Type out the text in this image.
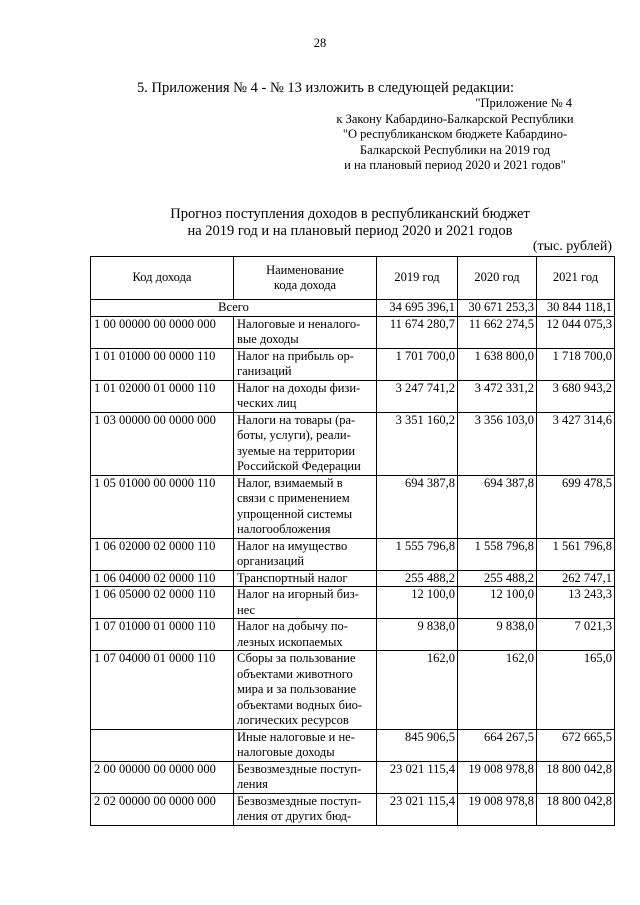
28
5. Приложения № 4 - № 13 изложить в следующей редакции:
"Приложение № 4
к Закону Кабардино-Балкарской Республики
"О республиканском бюджете Кабардино-
Балкарской Республики на 2019 год
и на плановый период 2020 и 2021 годов"
Прогноз поступления доходов в республиканский бюджет
на 2019 год и на плановый период 2020 и 2021 годов
(тыс. рублей)
Код дохода	Наименование
кода дохода	2019 год	2020 год	2021 год
Всего		34 695 396,1	30 671 253,3	30 844 118,1
1 00 00000 00 0000 000	Налоговые и неналого-
вые доходы	11 674 280,7	11 662 274,5	12 044 075,3
1 01 01000 00 0000 110	Налог на прибыль ор-
ганизаций	1 701 700,0	1 638 800,0	1 718 700,0
1 01 02000 01 0000 110	Налог на доходы физи-
ческих лиц	3 247 741,2	3 472 331,2	3 680 943,2
1 03 00000 00 0000 000	Налоги на товары (ра-
боты, услуги), реали-
зуемые на территории
Российской Федерации	3 351 160,2	3 356 103,0	3 427 314,6
1 05 01000 00 0000 110	Налог, взимаемый в
связи с применением
упрощенной системы
налогообложения	694 387,8	694 387,8	699 478,5
1 06 02000 02 0000 110	Налог на имущество
организаций	1 555 796,8	1 558 796,8	1 561 796,8
1 06 04000 02 0000 110	Транспортный налог	255 488,2	255 488,2	262 747,1
1 06 05000 02 0000 110	Налог на игорный биз-
нес	12 100,0	12 100,0	13 243,3
1 07 01000 01 0000 110	Налог на добычу по-
лезных ископаемых	9 838,0	9 838,0	7 021,3
1 07 04000 01 0000 110	Сборы за пользование
объектами животного
мира и за пользование
объектами водных био-
логических ресурсов	162,0	162,0	165,0
	Иные налоговые и не-
налоговые доходы	845 906,5	664 267,5	672 665,5
2 00 00000 00 0000 000	Безвозмездные поступ-
ления	23 021 115,4	19 008 978,8	18 800 042,8
2 02 00000 00 0000 000	Безвозмездные поступ-
ления от других бюд-	23 021 115,4	19 008 978,8	18 800 042,8
